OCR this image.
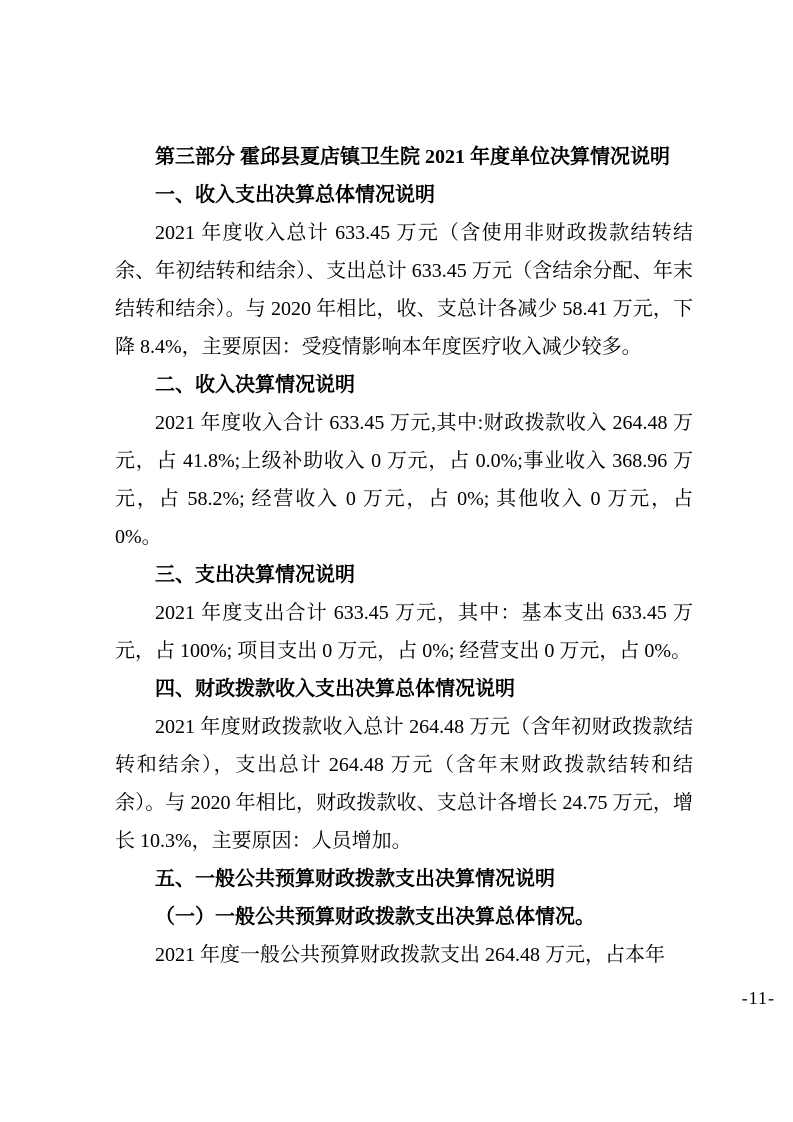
第三部分 霍邱县夏店镇卫生院 2021 年度单位决算情况说明

一、收入支出决算总体情况说明

2021 年度收入总计 633.45 万元（含使用非财政拨款结转结余、年初结转和结余）、支出总计 633.45 万元（含结余分配、年末结转和结余）。与 2020 年相比，收、支总计各减少 58.41 万元，下降 8.4%，主要原因：受疫情影响本年度医疗收入减少较多。

二、收入决算情况说明

2021 年度收入合计 633.45 万元,其中:财政拨款收入 264.48 万元，占 41.8%;上级补助收入 0 万元，占 0.0%;事业收入 368.96 万元，占 58.2%; 经营收入 0 万元，占 0%; 其他收入 0 万元，占 0%。

三、支出决算情况说明

2021 年度支出合计 633.45 万元，其中：基本支出 633.45 万元，占 100%; 项目支出 0 万元，占 0%; 经营支出 0 万元，占 0%。

四、财政拨款收入支出决算总体情况说明

2021 年度财政拨款收入总计 264.48 万元（含年初财政拨款结转和结余），支出总计 264.48 万元（含年末财政拨款结转和结余）。与 2020 年相比，财政拨款收、支总计各增长 24.75 万元，增长 10.3%，主要原因：人员增加。

五、一般公共预算财政拨款支出决算情况说明

（一）一般公共预算财政拨款支出决算总体情况。

2021 年度一般公共预算财政拨款支出 264.48 万元，占本年

-11-
